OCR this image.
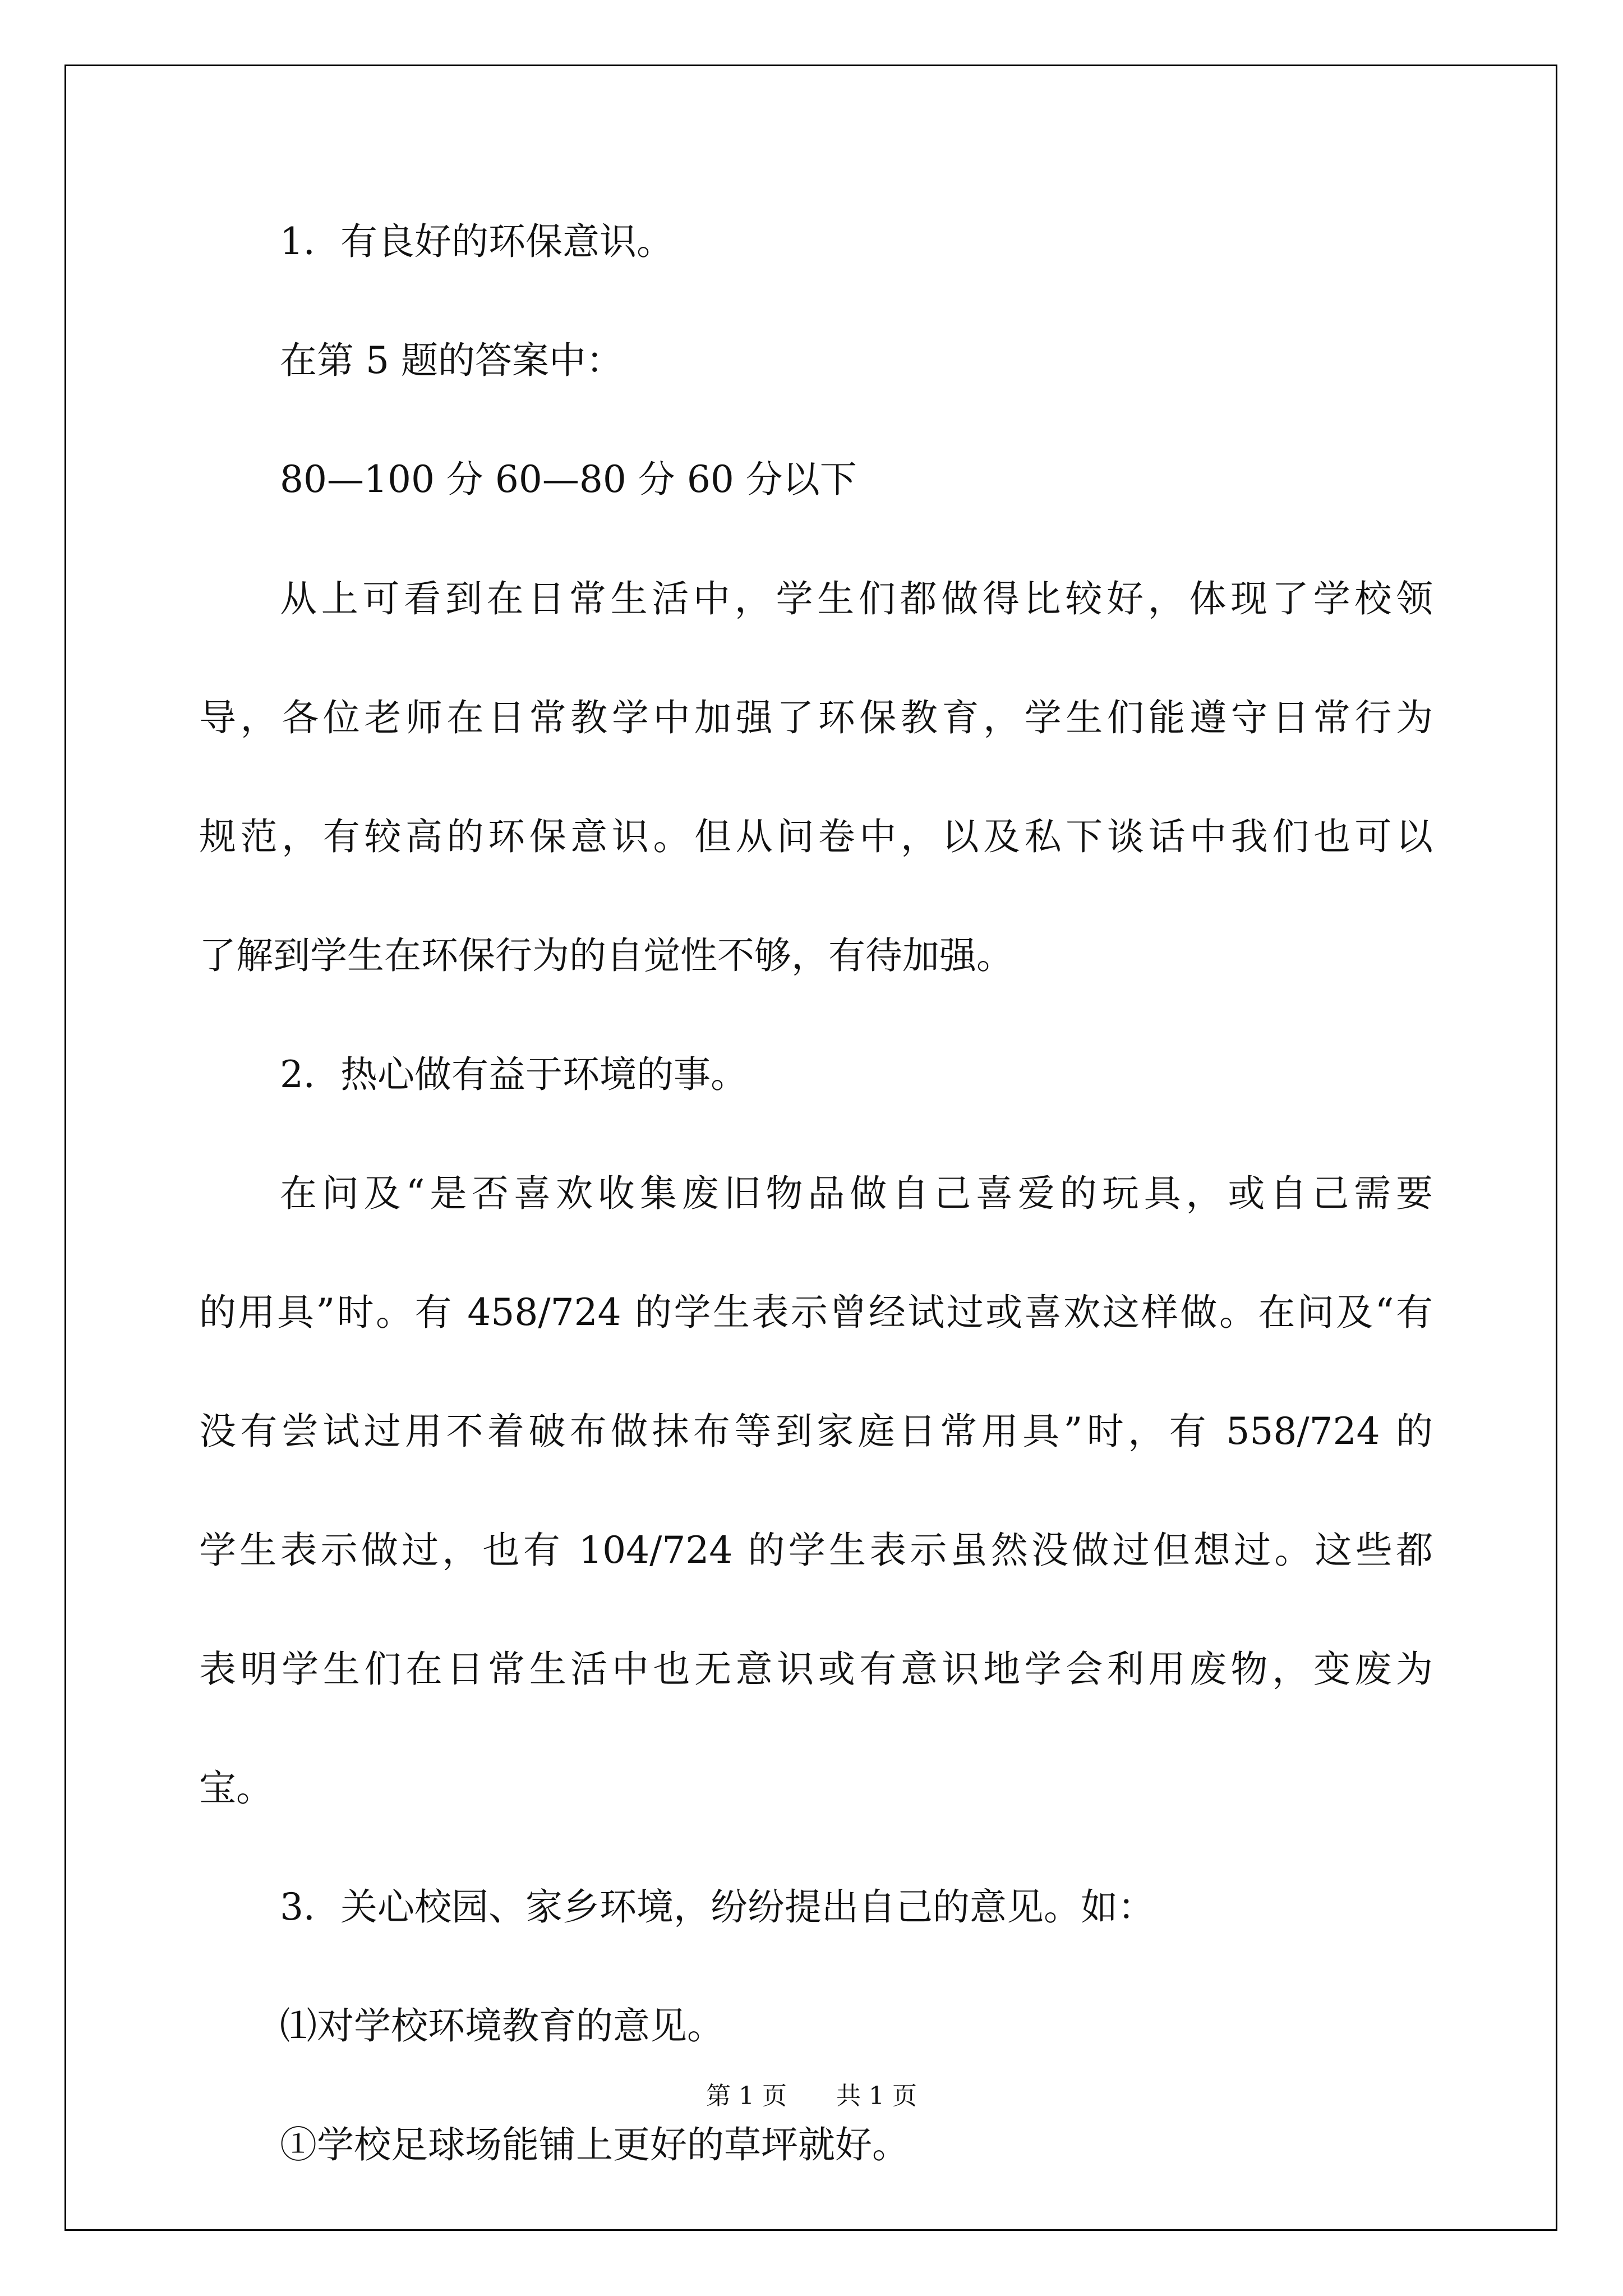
1．有良好的环保意识。
在第 5 题的答案中：
80—100 分 60—80 分 60 分以下
从上可看到在日常生活中，学生们都做得比较好，体现了学校领
导，各位老师在日常教学中加强了环保教育，学生们能遵守日常行为
规范，有较高的环保意识。但从问卷中，以及私下谈话中我们也可以
了解到学生在环保行为的自觉性不够，有待加强。
2．热心做有益于环境的事。
在问及“是否喜欢收集废旧物品做自己喜爱的玩具，或自己需要
的用具”时。有 458/724 的学生表示曾经试过或喜欢这样做。在问及“有
没有尝试过用不着破布做抹布等到家庭日常用具”时，有 558/724 的
学生表示做过，也有 104/724 的学生表示虽然没做过但想过。这些都
表明学生们在日常生活中也无意识或有意识地学会利用废物，变废为
宝。
3．关心校园、家乡环境，纷纷提出自己的意见。如：
⑴对学校环境教育的意见。
①学校足球场能铺上更好的草坪就好。
第 1 页 共 1 页
